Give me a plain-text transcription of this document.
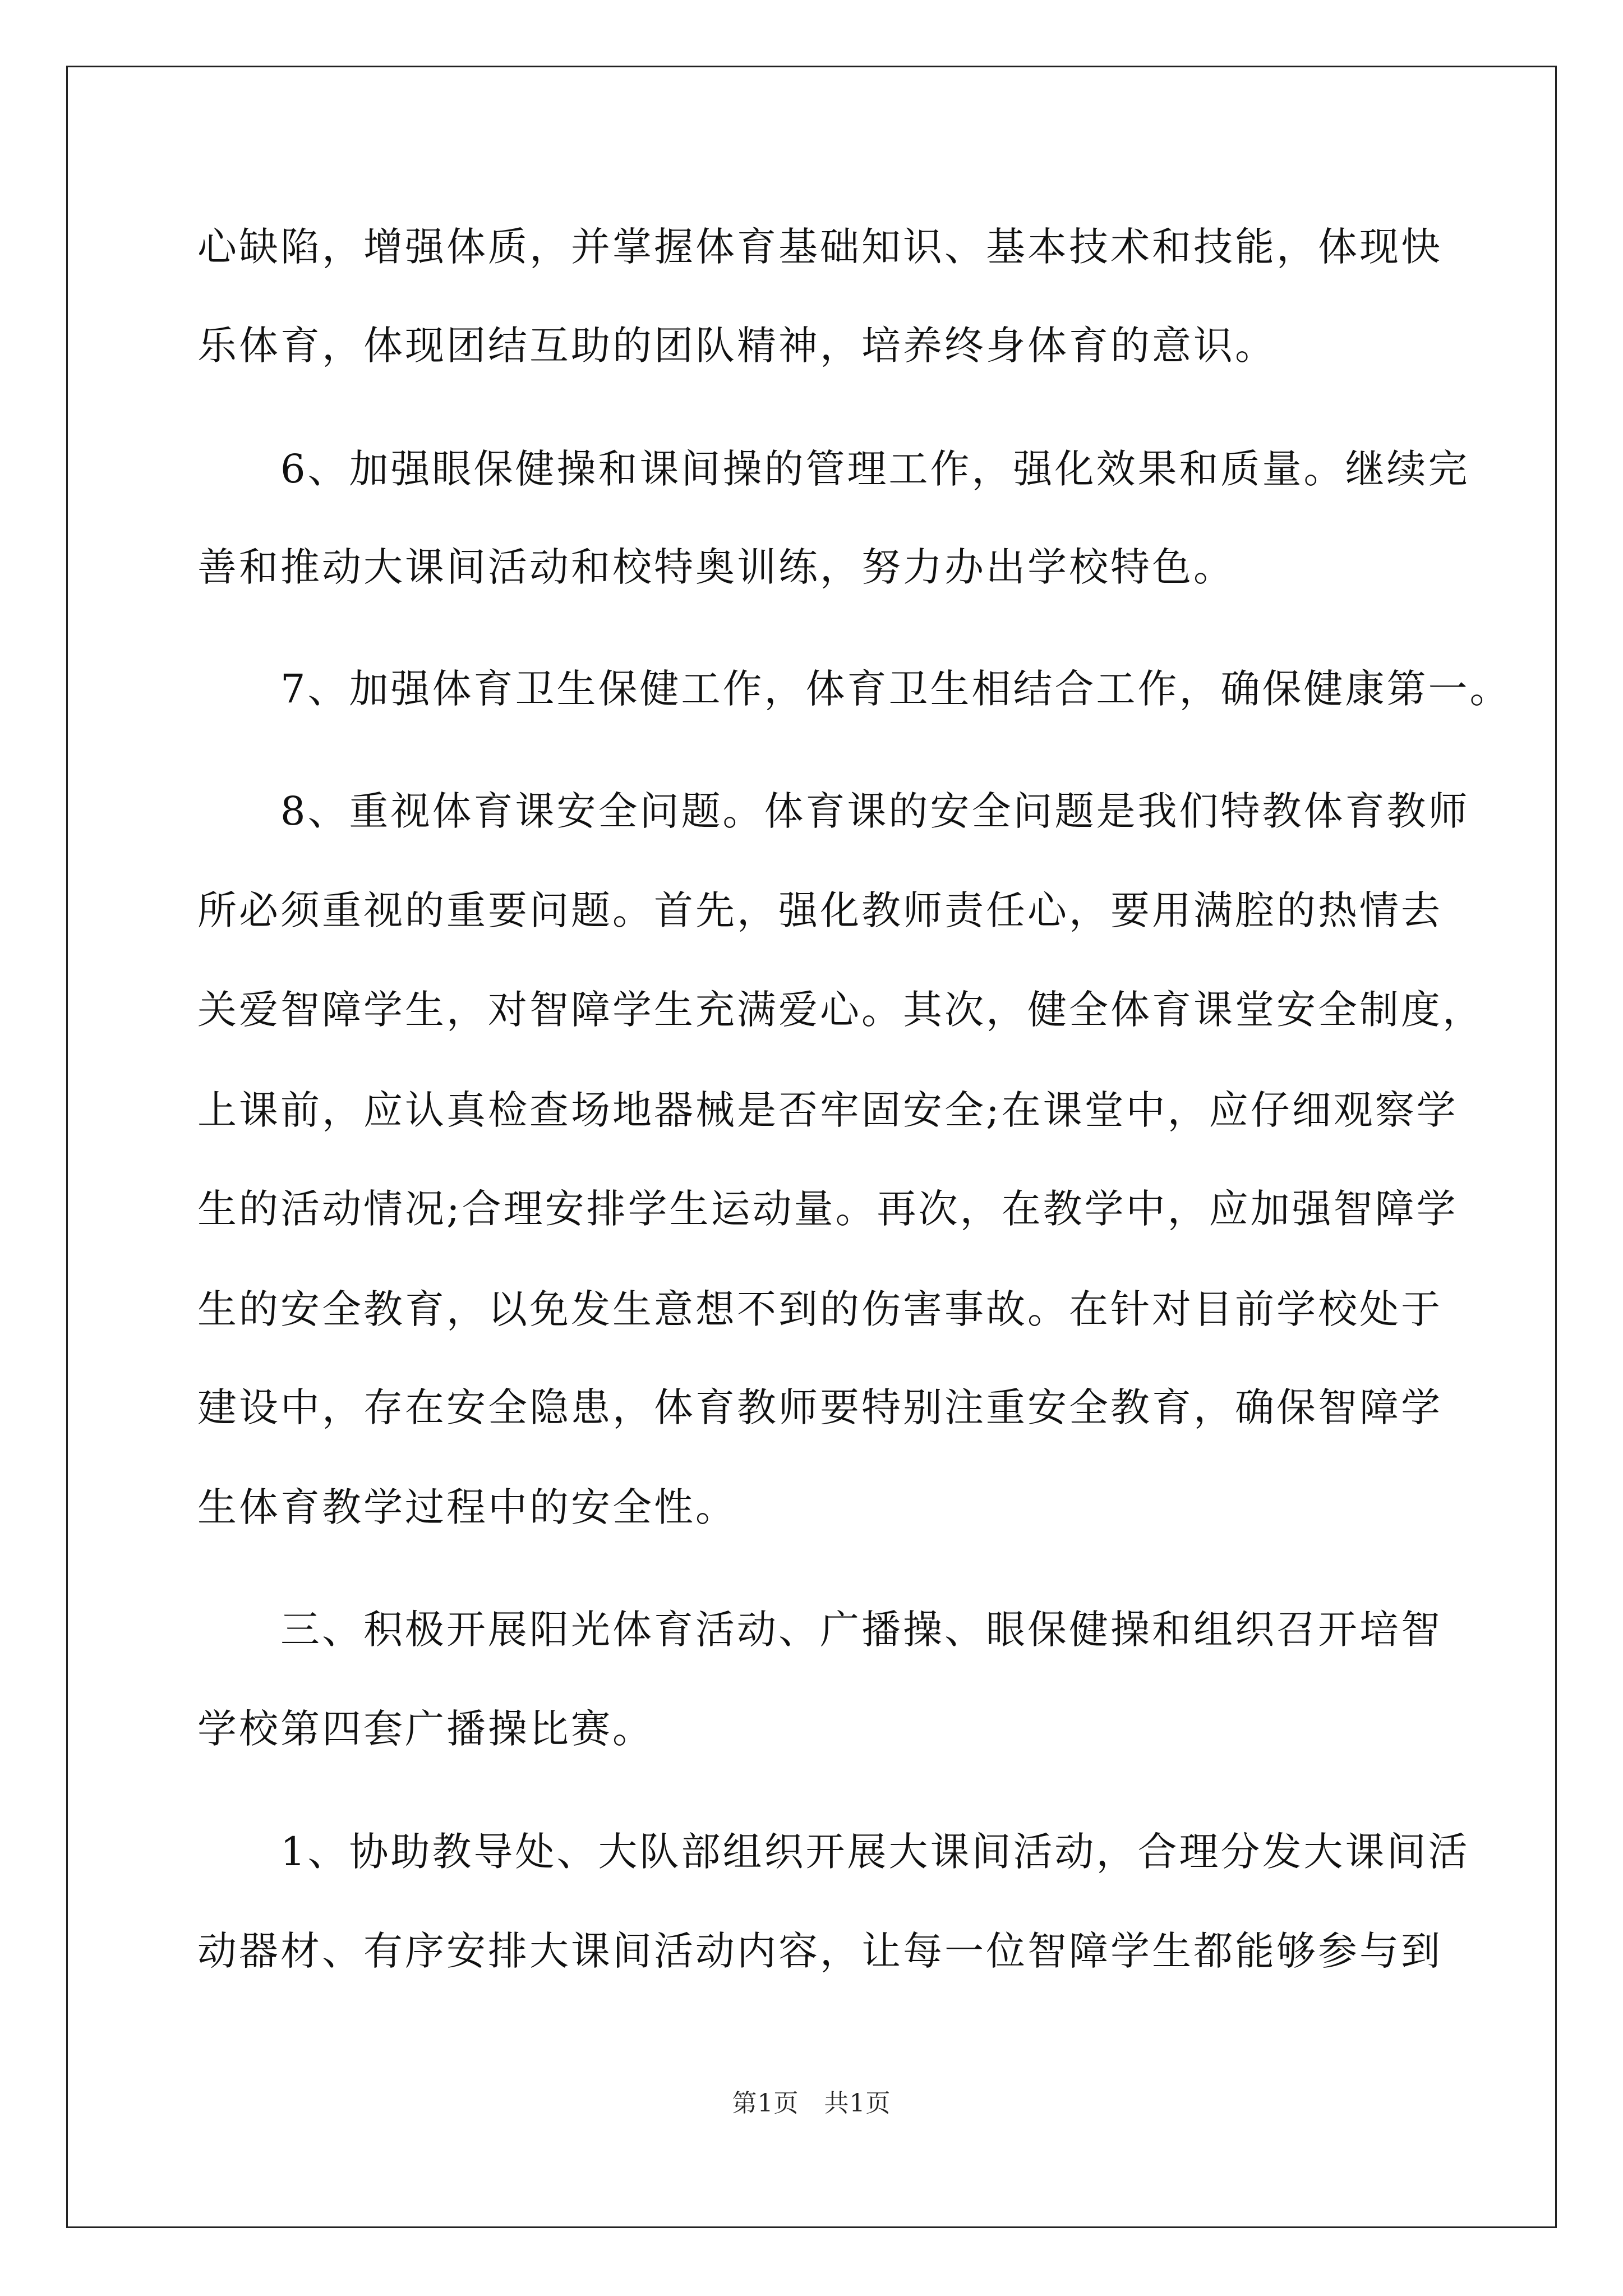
心缺陷，增强体质，并掌握体育基础知识、基本技术和技能，体现快
乐体育，体现团结互助的团队精神，培养终身体育的意识。
　　6、加强眼保健操和课间操的管理工作，强化效果和质量。继续完
善和推动大课间活动和校特奥训练，努力办出学校特色。
　　7、加强体育卫生保健工作，体育卫生相结合工作，确保健康第一。
　　8、重视体育课安全问题。体育课的安全问题是我们特教体育教师
所必须重视的重要问题。首先，强化教师责任心，要用满腔的热情去
关爱智障学生，对智障学生充满爱心。其次，健全体育课堂安全制度，
上课前，应认真检查场地器械是否牢固安全;在课堂中，应仔细观察学
生的活动情况;合理安排学生运动量。再次，在教学中，应加强智障学
生的安全教育，以免发生意想不到的伤害事故。在针对目前学校处于
建设中，存在安全隐患，体育教师要特别注重安全教育，确保智障学
生体育教学过程中的安全性。
　　三、积极开展阳光体育活动、广播操、眼保健操和组织召开培智
学校第四套广播操比赛。
　　1、协助教导处、大队部组织开展大课间活动，合理分发大课间活
动器材、有序安排大课间活动内容，让每一位智障学生都能够参与到
第1页　共1页
